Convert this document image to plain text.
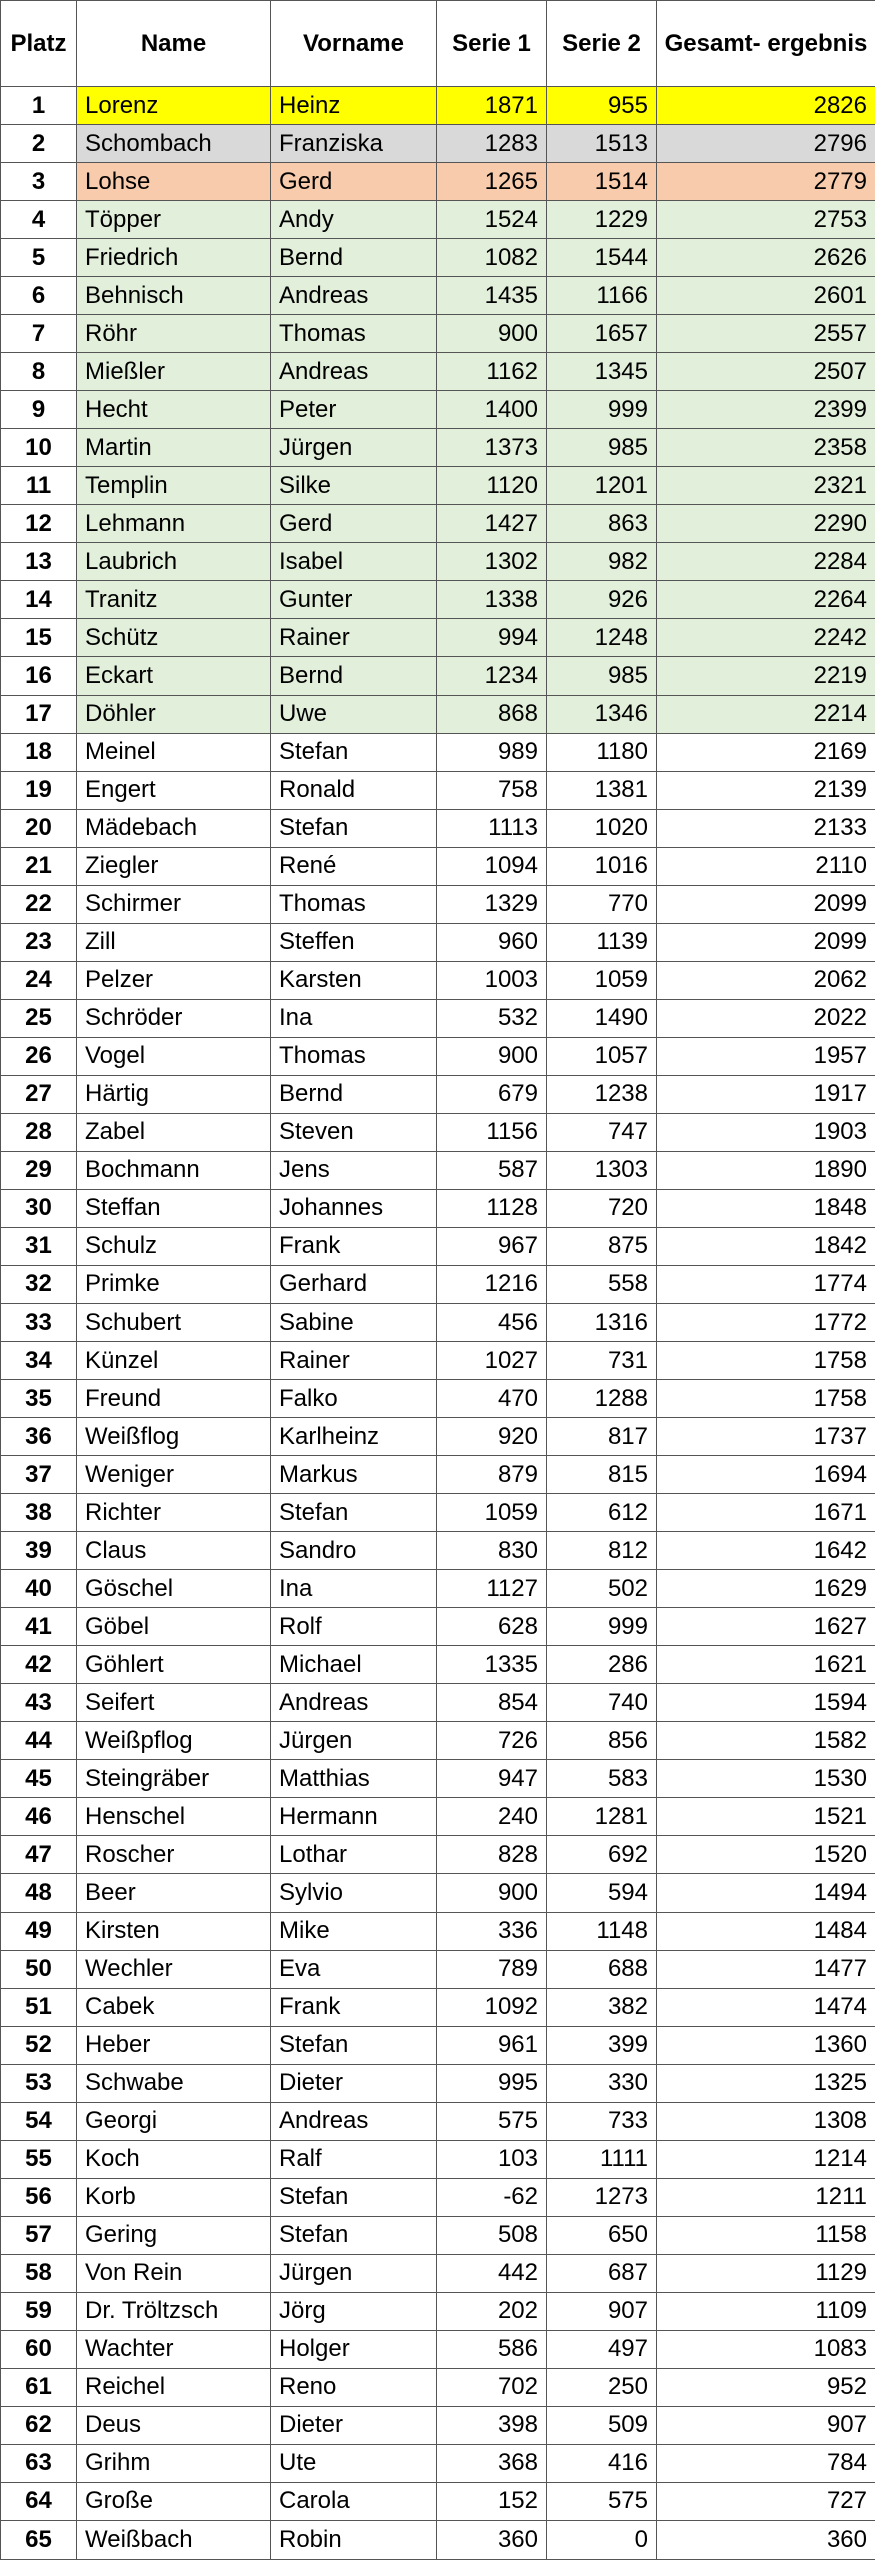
Platz	Name	Vorname	Serie 1	Serie 2	Gesamt- ergebnis
1	Lorenz	Heinz	1871	955	2826
2	Schombach	Franziska	1283	1513	2796
3	Lohse	Gerd	1265	1514	2779
4	Töpper	Andy	1524	1229	2753
5	Friedrich	Bernd	1082	1544	2626
6	Behnisch	Andreas	1435	1166	2601
7	Röhr	Thomas	900	1657	2557
8	Mießler	Andreas	1162	1345	2507
9	Hecht	Peter	1400	999	2399
10	Martin	Jürgen	1373	985	2358
11	Templin	Silke	1120	1201	2321
12	Lehmann	Gerd	1427	863	2290
13	Laubrich	Isabel	1302	982	2284
14	Tranitz	Gunter	1338	926	2264
15	Schütz	Rainer	994	1248	2242
16	Eckart	Bernd	1234	985	2219
17	Döhler	Uwe	868	1346	2214
18	Meinel	Stefan	989	1180	2169
19	Engert	Ronald	758	1381	2139
20	Mädebach	Stefan	1113	1020	2133
21	Ziegler	René	1094	1016	2110
22	Schirmer	Thomas	1329	770	2099
23	Zill	Steffen	960	1139	2099
24	Pelzer	Karsten	1003	1059	2062
25	Schröder	Ina	532	1490	2022
26	Vogel	Thomas	900	1057	1957
27	Härtig	Bernd	679	1238	1917
28	Zabel	Steven	1156	747	1903
29	Bochmann	Jens	587	1303	1890
30	Steffan	Johannes	1128	720	1848
31	Schulz	Frank	967	875	1842
32	Primke	Gerhard	1216	558	1774
33	Schubert	Sabine	456	1316	1772
34	Künzel	Rainer	1027	731	1758
35	Freund	Falko	470	1288	1758
36	Weißflog	Karlheinz	920	817	1737
37	Weniger	Markus	879	815	1694
38	Richter	Stefan	1059	612	1671
39	Claus	Sandro	830	812	1642
40	Göschel	Ina	1127	502	1629
41	Göbel	Rolf	628	999	1627
42	Göhlert	Michael	1335	286	1621
43	Seifert	Andreas	854	740	1594
44	Weißpflog	Jürgen	726	856	1582
45	Steingräber	Matthias	947	583	1530
46	Henschel	Hermann	240	1281	1521
47	Roscher	Lothar	828	692	1520
48	Beer	Sylvio	900	594	1494
49	Kirsten	Mike	336	1148	1484
50	Wechler	Eva	789	688	1477
51	Cabek	Frank	1092	382	1474
52	Heber	Stefan	961	399	1360
53	Schwabe	Dieter	995	330	1325
54	Georgi	Andreas	575	733	1308
55	Koch	Ralf	103	1111	1214
56	Korb	Stefan	-62	1273	1211
57	Gering	Stefan	508	650	1158
58	Von Rein	Jürgen	442	687	1129
59	Dr. Tröltzsch	Jörg	202	907	1109
60	Wachter	Holger	586	497	1083
61	Reichel	Reno	702	250	952
62	Deus	Dieter	398	509	907
63	Grihm	Ute	368	416	784
64	Große	Carola	152	575	727
65	Weißbach	Robin	360	0	360
